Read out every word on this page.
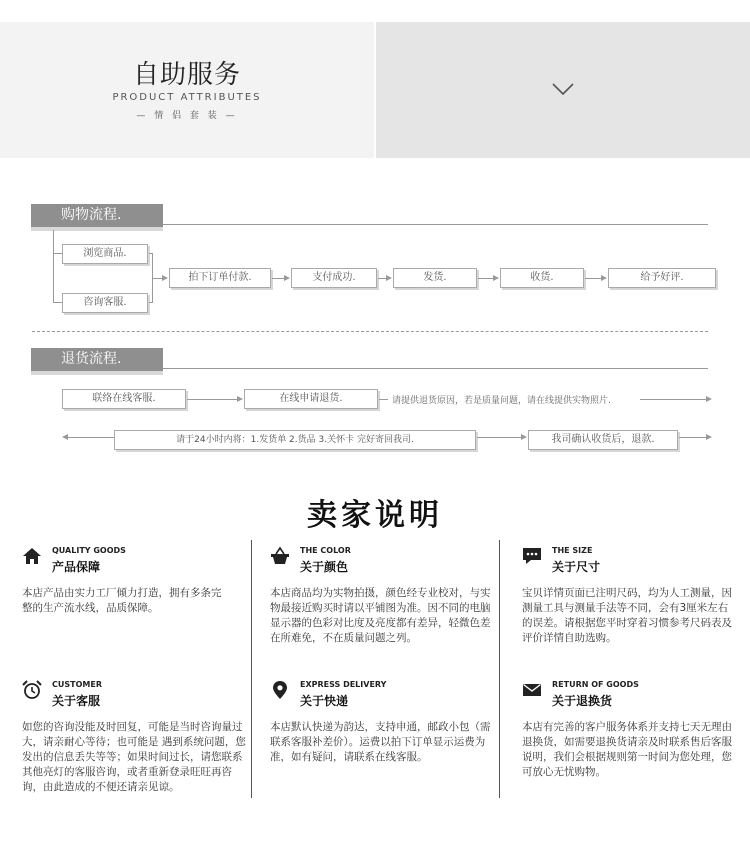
自助服务
PRODUCT ATTRIBUTES
— 情 侣 套 装 —
购物流程.
浏览商品.
咨询客服.
拍下订单付款.	支付成功.	发货.	收货.	给予好评.
退货流程.
联络在线客服.	在线申请退货.	请提供退货原因，若是质量问题，请在线提供实物照片.
请于24小时内将：1.发货单 2.货品 3.关怀卡 完好寄回我司.	我司确认收货后，退款.
卖家说明
QUALITY GOODS
产品保障
本店产品由实力工厂倾力打造，拥有多条完整的生产流水线，品质保障。
THE COLOR
关于颜色
本店商品均为实物拍摄，颜色经专业校对，与实物最接近购买时请以平铺图为准。因不同的电脑显示器的色彩对比度及亮度都有差异，轻微色差在所难免，不在质量问题之列。
THE SIZE
关于尺寸
宝贝详情页面已注明尺码，均为人工测量，因测量工具与测量手法等不同，会有3厘米左右的误差。请根据您平时穿着习惯参考尺码表及评价详情自助选购。
CUSTOMER
关于客服
如您的咨询没能及时回复，可能是当时咨询量过大，请亲耐心等待；也可能是 遇到系统问题，您发出的信息丢失等等；如果时间过长，请您联系其他亮灯的客服咨询，或者重新登录旺旺再咨询，由此造成的不便还请亲见谅。
EXPRESS DELIVERY
关于快递
本店默认快递为韵达，支持申通，邮政小包（需联系客服补差价）。运费以拍下订单显示运费为准，如有疑问，请联系在线客服。
RETURN OF GOODS
关于退换货
本店有完善的客户服务体系并支持七天无理由退换货，如需要退换货请亲及时联系售后客服说明，我们会根据规则第一时间为您处理，您可放心无忧购物。
